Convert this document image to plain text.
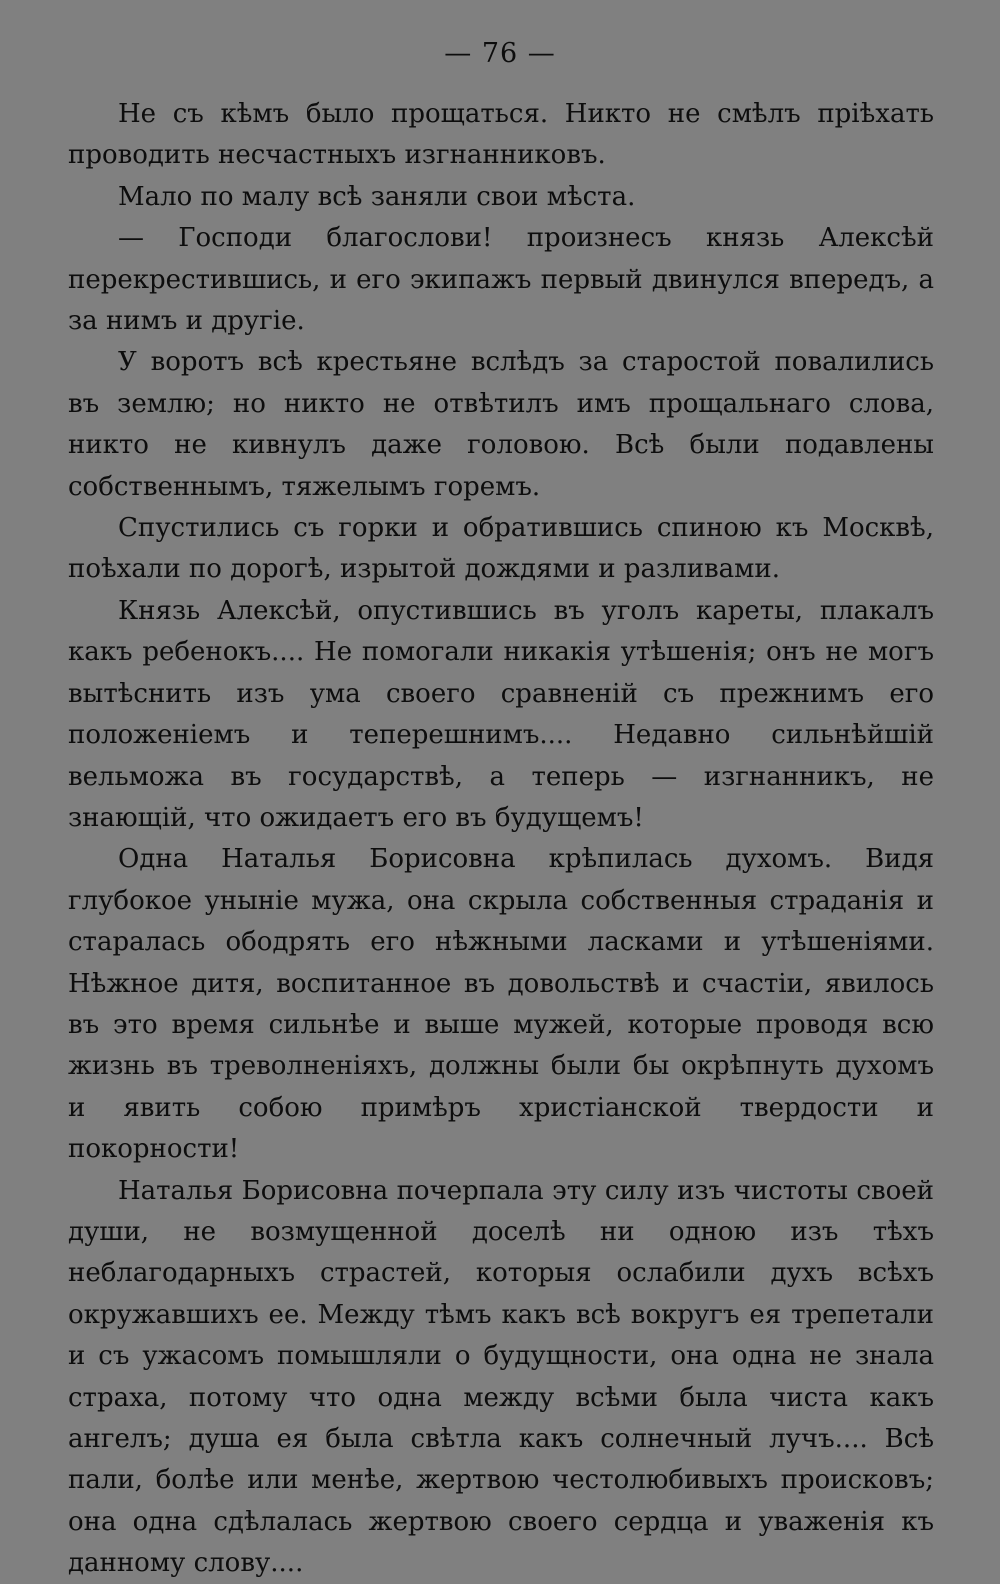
— 76 —

Не съ кѣмъ было прощаться. Никто не смѣлъ пріѣхать проводить несчастныхъ изгнанниковъ.

Мало по малу всѣ заняли свои мѣста.

— Господи благослови! произнесъ князь Алексѣй перекрестившись, и его экипажъ первый двинулся впередъ, а за нимъ и другіе.

У воротъ всѣ крестьяне вслѣдъ за старостой повалились въ землю; но никто не отвѣтилъ имъ прощальнаго слова, никто не кивнулъ даже головою. Всѣ были подавлены собственнымъ, тяжелымъ горемъ.

Спустились съ горки и обратившись спиною къ Москвѣ, поѣхали по дорогѣ, изрытой дождями и разливами.

Князь Алексѣй, опустившись въ уголъ кареты, плакалъ какъ ребенокъ.... Не помогали никакія утѣшенія; онъ не могъ вытѣснить изъ ума своего сравненій съ прежнимъ его положеніемъ и теперешнимъ.... Недавно сильнѣйшій вельможа въ государствѣ, а теперь — изгнанникъ, не знающій, что ожидаетъ его въ будущемъ!

Одна Наталья Борисовна крѣпилась духомъ. Видя глубокое уныніе мужа, она скрыла собственныя страданія и старалась ободрять его нѣжными ласками и утѣшеніями. Нѣжное дитя, воспитанное въ довольствѣ и счастіи, явилось въ это время сильнѣе и выше мужей, которые проводя всю жизнь въ треволненіяхъ, должны были бы окрѣпнуть духомъ и явить собою примѣръ христіанской твердости и покорности!

Наталья Борисовна почерпала эту силу изъ чистоты своей души, не возмущенной доселѣ ни одною изъ тѣхъ неблагодарныхъ страстей, которыя ослабили духъ всѣхъ окружавшихъ ее. Между тѣмъ какъ всѣ вокругъ ея трепетали и съ ужасомъ помышляли о будущности, она одна не знала страха, потому что одна между всѣми была чиста какъ ангелъ; душа ея была свѣтла какъ солнечный лучъ.... Всѣ пали, болѣе или менѣе, жертвою честолюбивыхъ происковъ; она одна сдѣлалась жертвою своего сердца и уваженія къ данному слову....
